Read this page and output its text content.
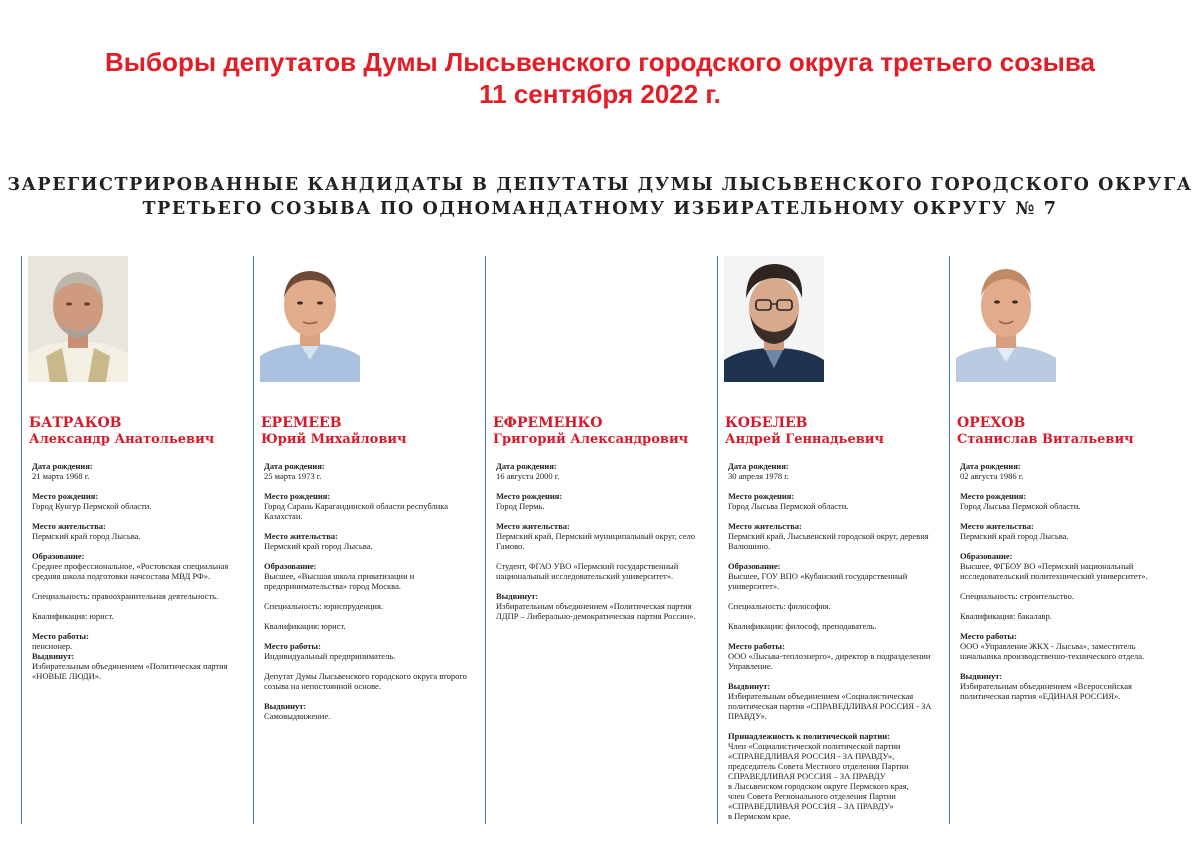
Выборы депутатов Думы Лысьвенского городского округа третьего созыва
11 сентября 2022 г.
ЗАРЕГИСТРИРОВАННЫЕ КАНДИДАТЫ В ДЕПУТАТЫ ДУМЫ ЛЫСЬВЕНСКОГО ГОРОДСКОГО ОКРУГА
ТРЕТЬЕГО СОЗЫВА ПО ОДНОМАНДАТНОМУ ИЗБИРАТЕЛЬНОМУ ОКРУГУ № 7
БАТРАКОВ
Александр Анатольевич
Дата рождения:
21 марта 1968 г.
Место рождения:
Город Кунгур Пермской области.
Место жительства:
Пермский край город Лысьва.
Образование:
Среднее профессиональное, «Ростовская специальная средняя школа подготовки начсостава МВД РФ».
Специальность: правоохранительная деятельность.
Квалификация: юрист.
Место работы:
пенсионер.
Выдвинут:
Избирательным объединением «Политическая партия «НОВЫЕ ЛЮДИ».
ЕРЕМЕЕВ
Юрий Михайлович
Дата рождения:
25 марта 1973 г.
Место рождения:
Город Сарань Карагандинской области республика Казахстан.
Место жительства:
Пермский край город Лысьва.
Образование:
Высшее, «Высшая школа приватизации и предпринимательства» город Москва.
Специальность: юриспруденция.
Квалификация: юрист.
Место работы:
Индивидуальный предприниматель.
Депутат Думы Лысьвенского городского округа второго созыва на непостоянной основе.
Выдвинут:
Самовыдвижение.
ЕФРЕМЕНКО
Григорий Александрович
Дата рождения:
16 августа 2000 г.
Место рождения:
Город Пермь.
Место жительства:
Пермский край, Пермский муниципальный округ, село Гамово.
Студент, ФГАО УВО «Пермский государственный национальный исследовательский университет».
Выдвинут:
Избирательным объединением «Политическая партия ЛДПР – Либерально-демократическая партия России».
КОБЕЛЕВ
Андрей Геннадьевич
Дата рождения:
30 апреля 1978 г.
Место рождения:
Город Лысьва Пермской области.
Место жительства:
Пермский край, Лысьвенский городской округ, деревня Валюшино.
Образование:
Высшее, ГОУ ВПО «Кубанский государственный университет».
Специальность: философия.
Квалификация: философ, преподаватель.
Место работы:
ООО «Лысьва-теплоэнерго», директор в подразделении Управление.
Выдвинут:
Избирательным объединением «Социалистическая политическая партия «СПРАВЕДЛИВАЯ РОССИЯ - ЗА ПРАВДУ».
Принадлежность к политической партии:
Член «Социалистической политической партии
«СПРАВЕДЛИВАЯ РОССИЯ - ЗА ПРАВДУ»,
председатель Совета Местного отделения Партии
СПРАВЕДЛИВАЯ РОССИЯ – ЗА ПРАВДУ
в Лысьвенском городском округе Пермского края,
член Совета Регионального отделения Партии
«СПРАВЕДЛИВАЯ РОССИЯ – ЗА ПРАВДУ»
в Пермском крае.
ОРЕХОВ
Станислав Витальевич
Дата рождения:
02 августа 1986 г.
Место рождения:
Город Лысьва Пермской области.
Место жительства:
Пермский край город Лысьва.
Образование:
Высшее, ФГБОУ ВО «Пермский национальный исследовательский политехнический университет».
Специальность: строительство.
Квалификация: бакалавр.
Место работы:
ООО «Управление ЖКХ - Лысьва», заместитель начальника производственно-технического отдела.
Выдвинут:
Избирательным объединением «Всероссийская политическая партия «ЕДИНАЯ РОССИЯ».
